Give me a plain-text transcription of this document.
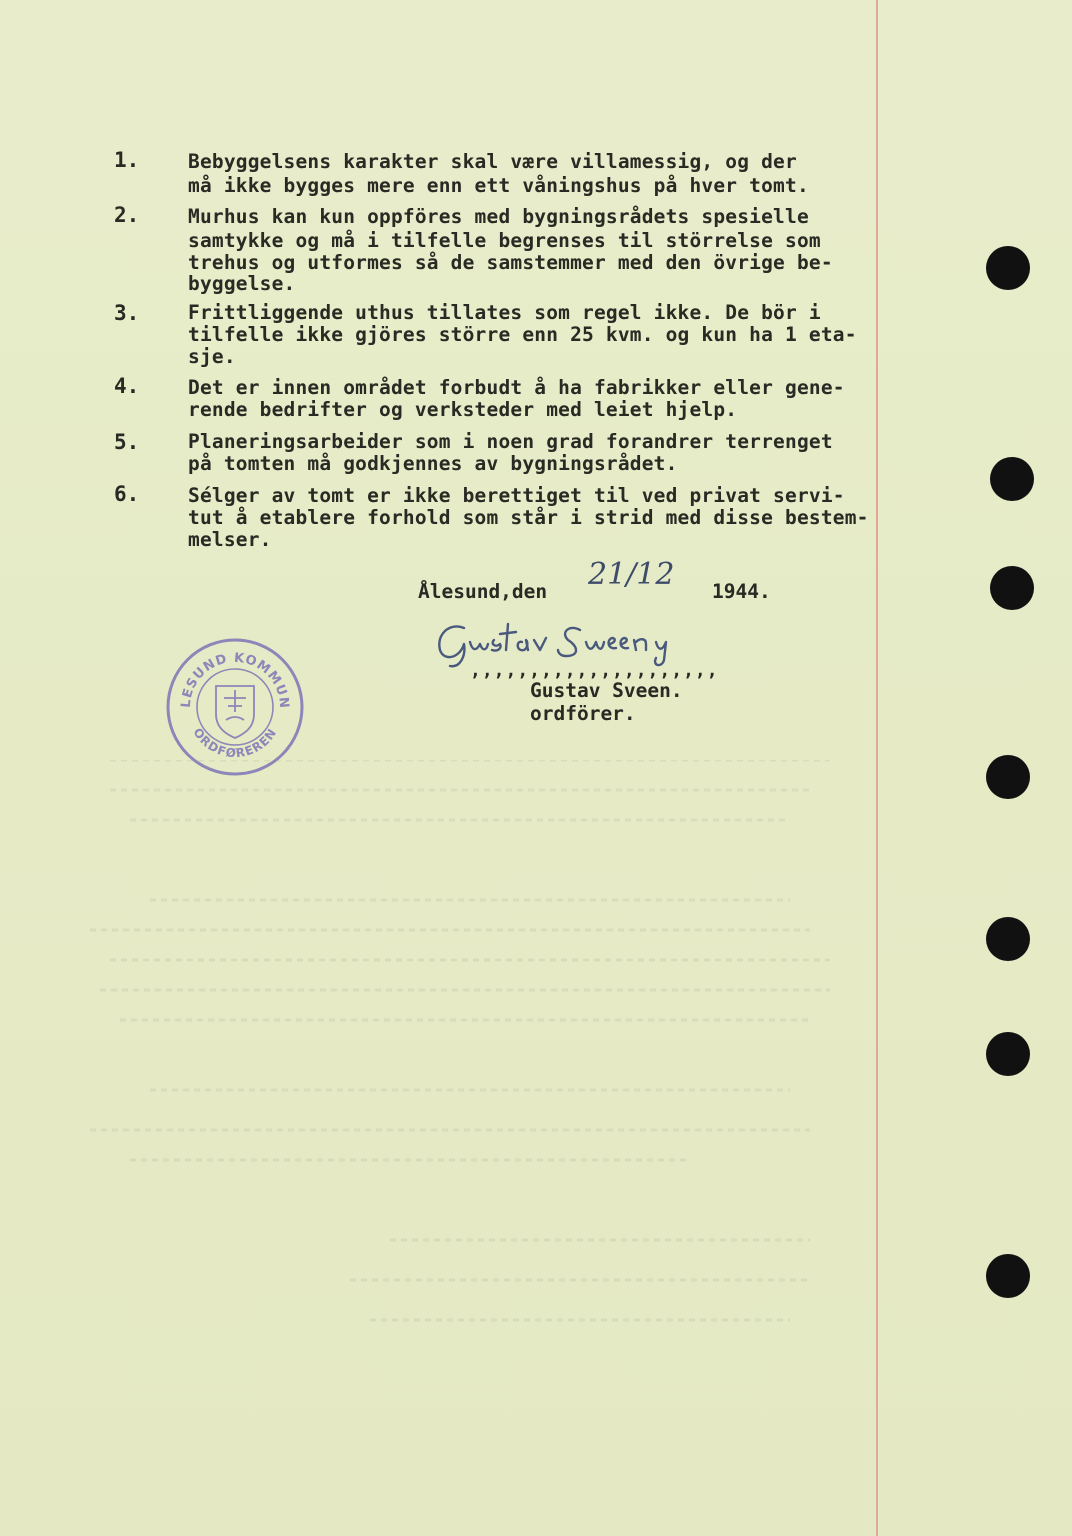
1. Bebyggelsens karakter skal være villamessig, og der
må ikke bygges mere enn ett våningshus på hver tomt.
2. Murhus kan kun oppföres med bygningsrådets spesielle
samtykke og må i tilfelle begrenses til störrelse som
trehus og utformes så de samstemmer med den övrige be-
byggelse.
3. Frittliggende uthus tillates som regel ikke. De bör i
tilfelle ikke gjöres större enn 25 kvm. og kun ha 1 eta-
sje.
4. Det er innen området forbudt å ha fabrikker eller gene-
rende bedrifter og verksteder med leiet hjelp.
5. Planeringsarbeider som i noen grad forandrer terrenget
på tomten må godkjennes av bygningsrådet.
6. Sélger av tomt er ikke berettiget til ved privat servi-
tut å etablere forhold som står i strid med disse bestem-
melser.
Ålesund,den 21/12 1944.
,,,,,,,,,,,,,,,,,,,,,
Gustav Sveen.
ordförer.
LESUND KOMMUN
ORDFØREREN
